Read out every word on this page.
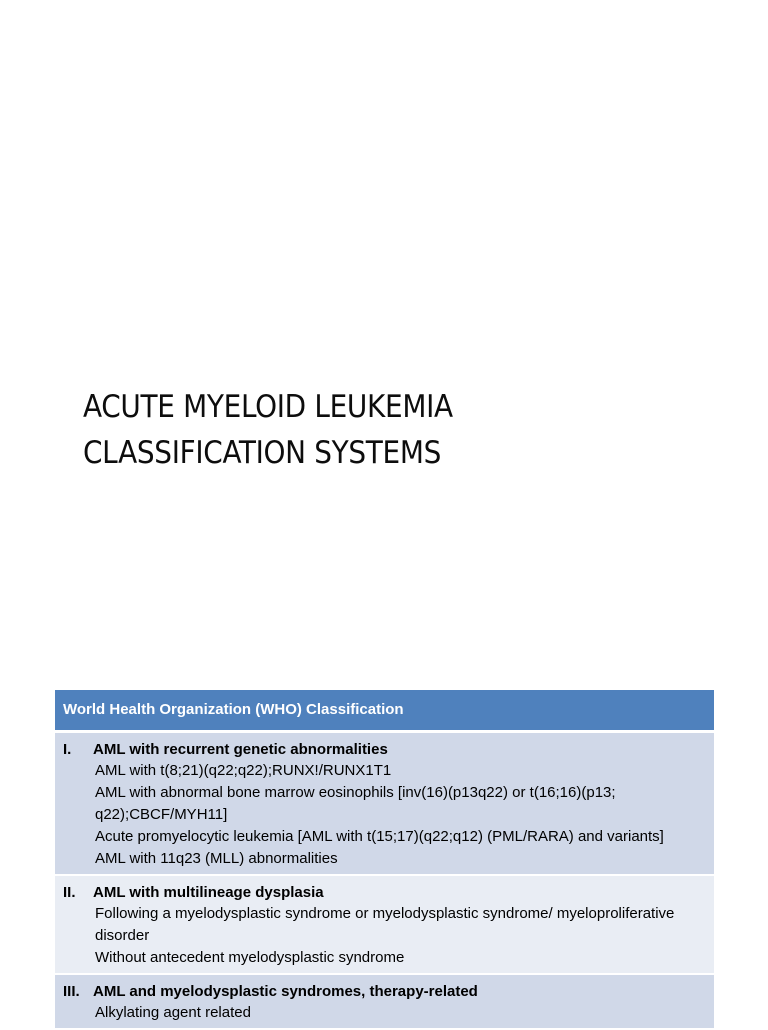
ACUTE MYELOID LEUKEMIA
CLASSIFICATION SYSTEMS
World Health Organization (WHO) Classification
I.	AML with recurrent genetic abnormalities
AML with t(8;21)(q22;q22);RUNX!/RUNX1T1
AML with abnormal bone marrow eosinophils [inv(16)(p13q22) or t(16;16)(p13; q22);CBCF/MYH11]
Acute promyelocytic leukemia [AML with t(15;17)(q22;q12) (PML/RARA) and variants]
AML with 11q23 (MLL) abnormalities
II.	AML with multilineage dysplasia
Following a myelodysplastic syndrome or myelodysplastic syndrome/ myeloproliferative disorder
Without antecedent myelodysplastic syndrome
III. AML and myelodysplastic syndromes, therapy-related
Alkylating agent related
